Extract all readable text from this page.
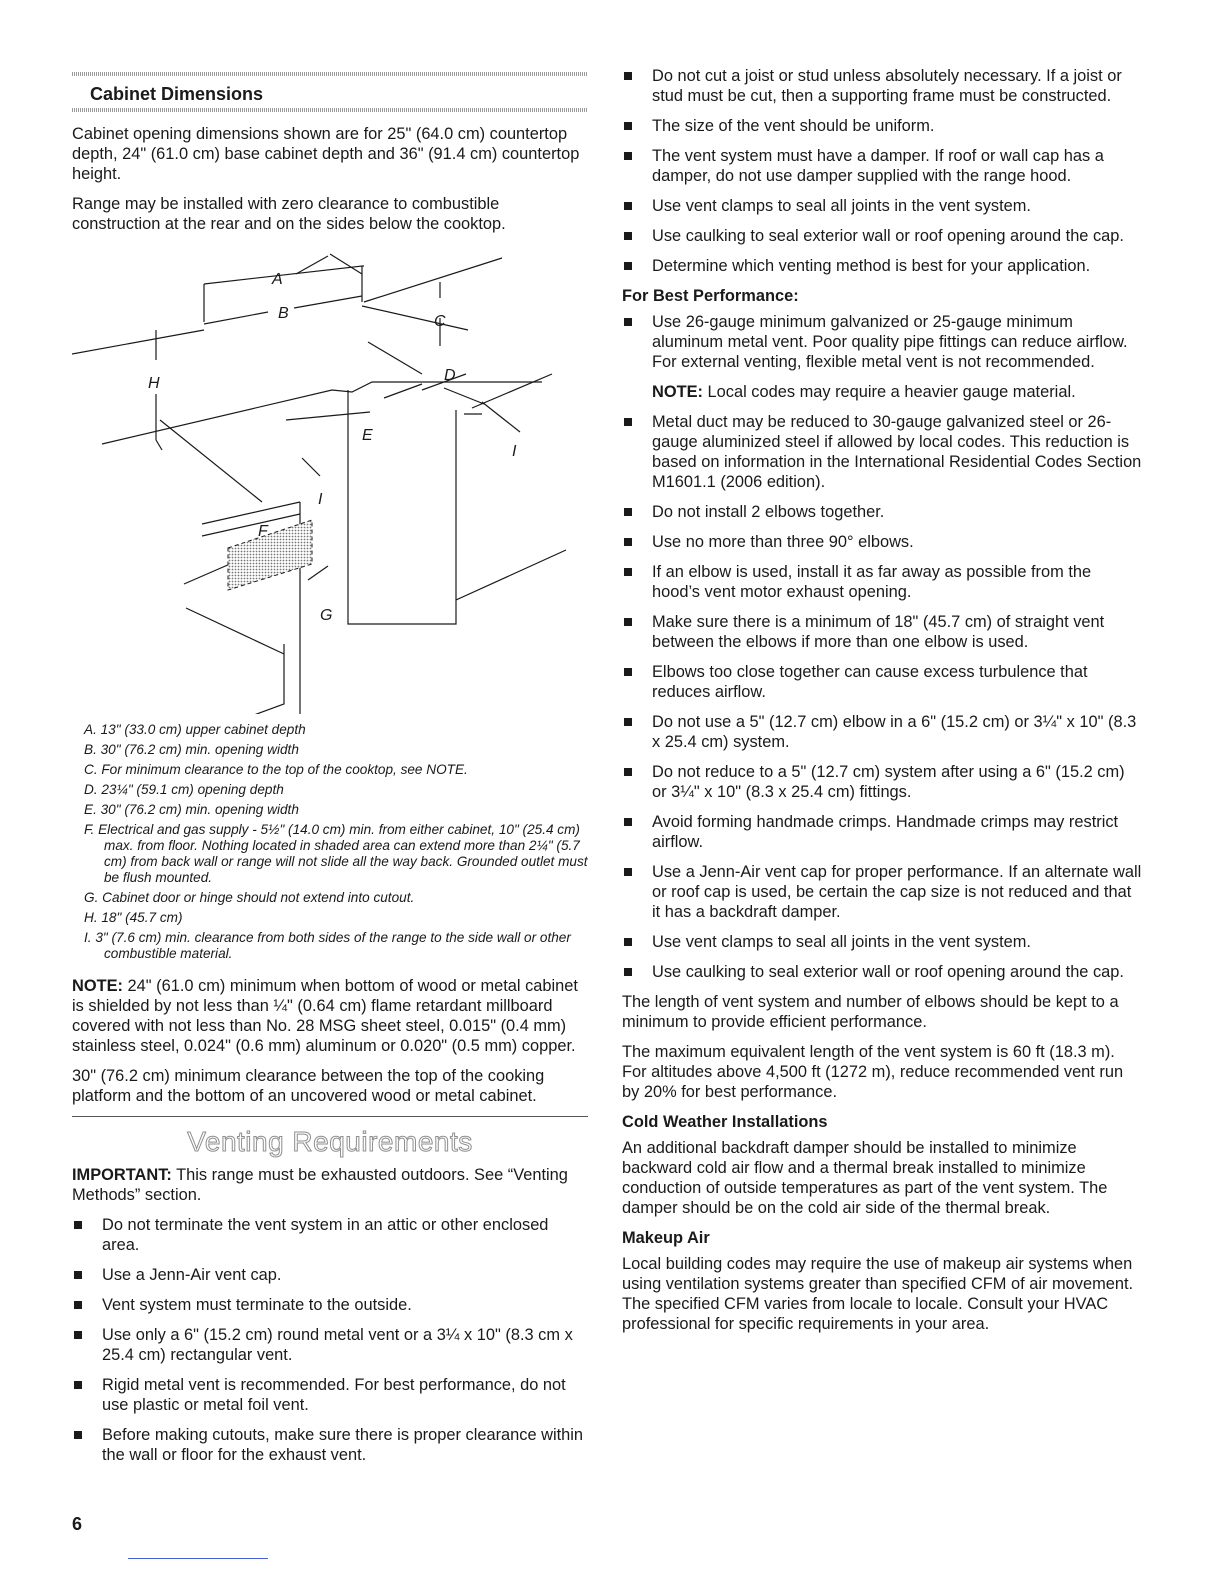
Cabinet Dimensions

Cabinet opening dimensions shown are for 25" (64.0 cm) countertop depth, 24" (61.0 cm) base cabinet depth and 36" (91.4 cm) countertop height.

Range may be installed with zero clearance to combustible construction at the rear and on the sides below the cooktop.

A
B	C
D
E
F
G
H
I
I
A. 13" (33.0 cm) upper cabinet depth
B. 30" (76.2 cm) min. opening width
C. For minimum clearance to the top of the cooktop, see NOTE.
D. 23¼" (59.1 cm) opening depth
E. 30" (76.2 cm) min. opening width
F. Electrical and gas supply - 5½" (14.0 cm) min. from either cabinet, 10" (25.4 cm) max. from floor. Nothing located in shaded area can extend more than 2¼" (5.7 cm) from back wall or range will not slide all the way back. Grounded outlet must be flush mounted.
G. Cabinet door or hinge should not extend into cutout.
H. 18" (45.7 cm)
I. 3" (7.6 cm) min. clearance from both sides of the range to the side wall or other combustible material.

NOTE: 24" (61.0 cm) minimum when bottom of wood or metal cabinet is shielded by not less than ¼" (0.64 cm) flame retardant millboard covered with not less than No. 28 MSG sheet steel, 0.015" (0.4 mm) stainless steel, 0.024" (0.6 mm) aluminum or 0.020" (0.5 mm) copper.

30" (76.2 cm) minimum clearance between the top of the cooking platform and the bottom of an uncovered wood or metal cabinet.

Venting Requirements

IMPORTANT: This range must be exhausted outdoors. See “Venting Methods” section.

Do not terminate the vent system in an attic or other enclosed area.
Use a Jenn-Air vent cap.
Vent system must terminate to the outside.
Use only a 6" (15.2 cm) round metal vent or a 3¼ x 10" (8.3 cm x 25.4 cm) rectangular vent.
Rigid metal vent is recommended. For best performance, do not use plastic or metal foil vent.
Before making cutouts, make sure there is proper clearance within the wall or floor for the exhaust vent.
Do not cut a joist or stud unless absolutely necessary. If a joist or stud must be cut, then a supporting frame must be constructed.
The size of the vent should be uniform.
The vent system must have a damper. If roof or wall cap has a damper, do not use damper supplied with the range hood.
Use vent clamps to seal all joints in the vent system.
Use caulking to seal exterior wall or roof opening around the cap.
Determine which venting method is best for your application.
For Best Performance:
Use 26-gauge minimum galvanized or 25-gauge minimum aluminum metal vent. Poor quality pipe fittings can reduce airflow. For external venting, flexible metal vent is not recommended.

NOTE: Local codes may require a heavier gauge material.

Metal duct may be reduced to 30-gauge galvanized steel or 26-gauge aluminized steel if allowed by local codes. This reduction is based on information in the International Residential Codes Section M1601.1 (2006 edition).
Do not install 2 elbows together.
Use no more than three 90° elbows.
If an elbow is used, install it as far away as possible from the hood’s vent motor exhaust opening.
Make sure there is a minimum of 18" (45.7 cm) of straight vent between the elbows if more than one elbow is used.
Elbows too close together can cause excess turbulence that reduces airflow.
Do not use a 5" (12.7 cm) elbow in a 6" (15.2 cm) or 3¼" x 10" (8.3 x 25.4 cm) system.
Do not reduce to a 5" (12.7 cm) system after using a 6" (15.2 cm) or 3¼" x 10" (8.3 x 25.4 cm) fittings.
Avoid forming handmade crimps. Handmade crimps may restrict airflow.
Use a Jenn-Air vent cap for proper performance. If an alternate wall or roof cap is used, be certain the cap size is not reduced and that it has a backdraft damper.
Use vent clamps to seal all joints in the vent system.
Use caulking to seal exterior wall or roof opening around the cap.

The length of vent system and number of elbows should be kept to a minimum to provide efficient performance.

The maximum equivalent length of the vent system is 60 ft (18.3 m). For altitudes above 4,500 ft (1272 m), reduce recommended vent run by 20% for best performance.

Cold Weather Installations

An additional backdraft damper should be installed to minimize backward cold air flow and a thermal break installed to minimize conduction of outside temperatures as part of the vent system. The damper should be on the cold air side of the thermal break.

Makeup Air

Local building codes may require the use of makeup air systems when using ventilation systems greater than specified CFM of air movement. The specified CFM varies from locale to locale. Consult your HVAC professional for specific requirements in your area.

6
